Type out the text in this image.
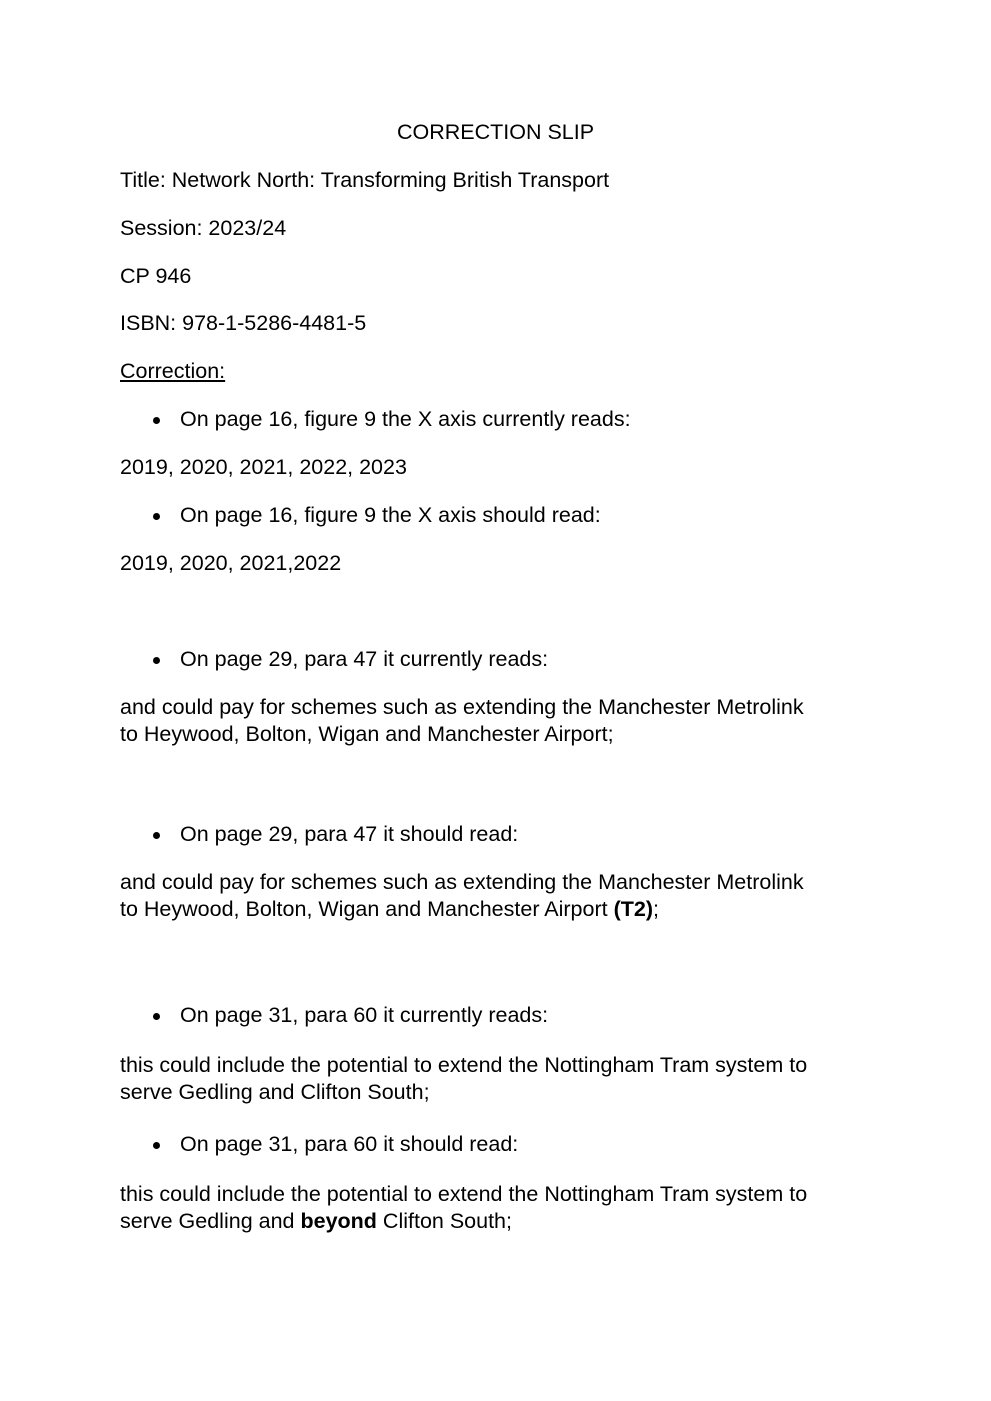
CORRECTION SLIP
Title: Network North: Transforming British Transport
Session: 2023/24
CP 946
ISBN: 978-1-5286-4481-5
Correction:
On page 16, figure 9 the X axis currently reads:
2019, 2020, 2021, 2022, 2023
On page 16, figure 9 the X axis should read:
2019, 2020, 2021,2022
On page 29, para 47 it currently reads:
and could pay for schemes such as extending the Manchester Metrolink
to Heywood, Bolton, Wigan and Manchester Airport;
On page 29, para 47 it should read:
and could pay for schemes such as extending the Manchester Metrolink
to Heywood, Bolton, Wigan and Manchester Airport (T2);
On page 31, para 60 it currently reads:
this could include the potential to extend the Nottingham Tram system to
serve Gedling and Clifton South;
On page 31, para 60 it should read:
this could include the potential to extend the Nottingham Tram system to
serve Gedling and beyond Clifton South;
